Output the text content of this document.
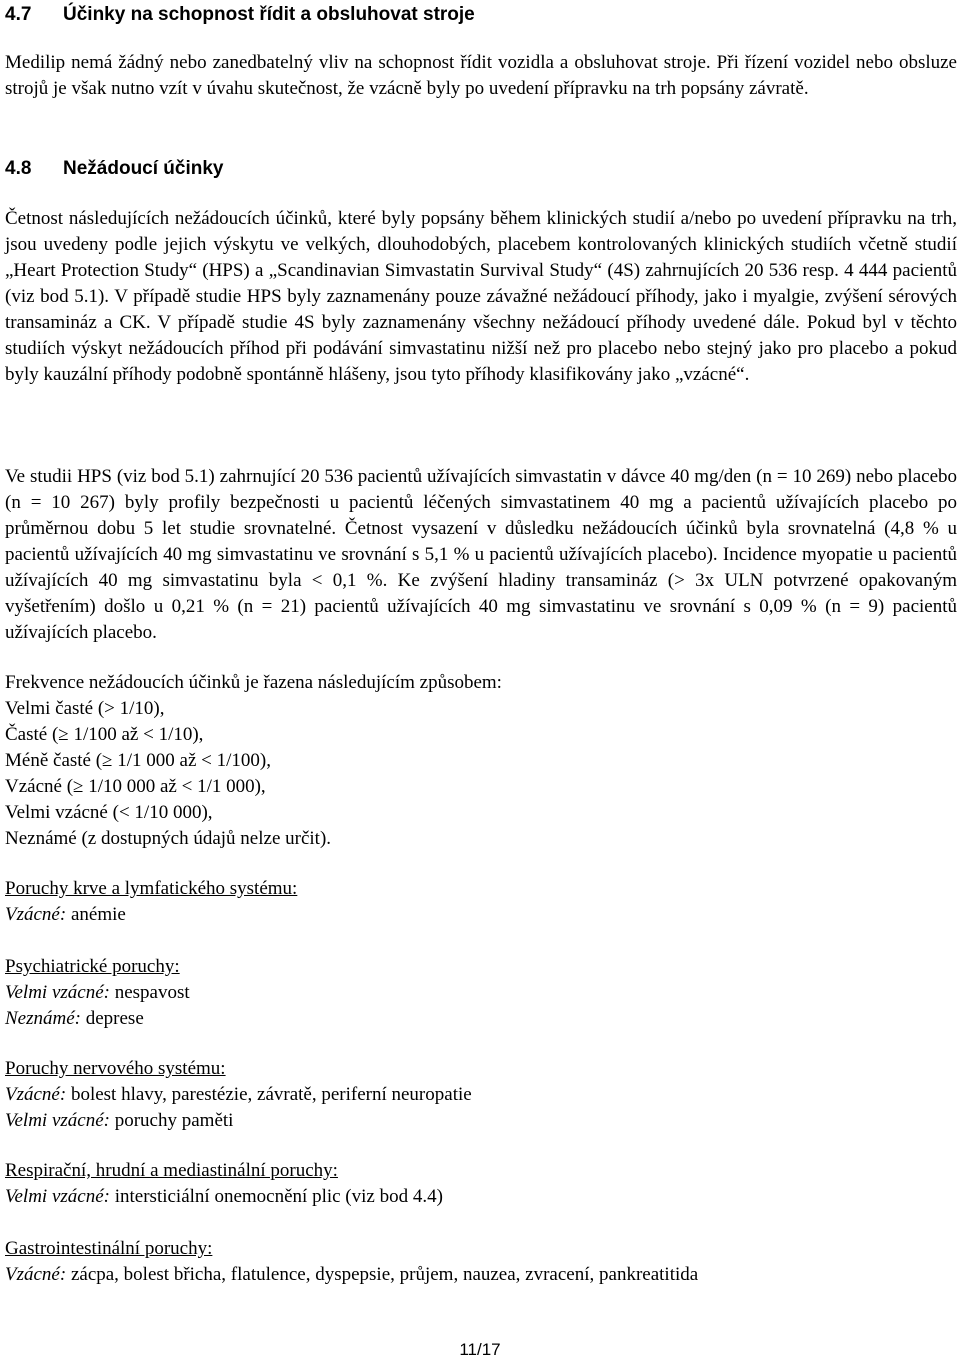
4.7 Účinky na schopnost řídit a obsluhovat stroje

Medilip nemá žádný nebo zanedbatelný vliv na schopnost řídit vozidla a obsluhovat stroje. Při řízení vozidel nebo obsluze strojů je však nutno vzít v úvahu skutečnost, že vzácně byly po uvedení přípravku na trh popsány závratě.

4.8 Nežádoucí účinky

Četnost následujících nežádoucích účinků, které byly popsány během klinických studií a/nebo po uvedení přípravku na trh, jsou uvedeny podle jejich výskytu ve velkých, dlouhodobých, placebem kontrolovaných klinických studiích včetně studií „Heart Protection Study“ (HPS) a „Scandinavian Simvastatin Survival Study“ (4S) zahrnujících 20 536 resp. 4 444 pacientů (viz bod 5.1). V případě studie HPS byly zaznamenány pouze závažné nežádoucí příhody, jako i myalgie, zvýšení sérových transamináz a CK. V případě studie 4S byly zaznamenány všechny nežádoucí příhody uvedené dále. Pokud byl v těchto studiích výskyt nežádoucích příhod při podávání simvastatinu nižší než pro placebo nebo stejný jako pro placebo a pokud byly kauzální příhody podobně spontánně hlášeny, jsou tyto příhody klasifikovány jako „vzácné“.

Ve studii HPS (viz bod 5.1) zahrnující 20 536 pacientů užívajících simvastatin v dávce 40 mg/den (n = 10 269) nebo placebo (n = 10 267) byly profily bezpečnosti u pacientů léčených simvastatinem 40 mg a pacientů užívajících placebo po průměrnou dobu 5 let studie srovnatelné. Četnost vysazení v důsledku nežádoucích účinků byla srovnatelná (4,8 % u pacientů užívajících 40 mg simvastatinu ve srovnání s 5,1 % u pacientů užívajících placebo). Incidence myopatie u pacientů užívajících 40 mg simvastatinu byla < 0,1 %. Ke zvýšení hladiny transamináz (> 3x ULN potvrzené opakovaným vyšetřením) došlo u 0,21 % (n = 21) pacientů užívajících 40 mg simvastatinu ve srovnání s 0,09 % (n = 9) pacientů užívajících placebo.

Frekvence nežádoucích účinků je řazena následujícím způsobem:
Velmi časté (> 1/10),
Časté (≥ 1/100 až < 1/10),
Méně časté (≥ 1/1 000 až < 1/100),
Vzácné (≥ 1/10 000 až < 1/1 000),
Velmi vzácné (< 1/10 000),
Neznámé (z dostupných údajů nelze určit).
Poruchy krve a lymfatického systému:
Vzácné: anémie
Psychiatrické poruchy:
Velmi vzácné: nespavost
Neznámé: deprese
Poruchy nervového systému:
Vzácné: bolest hlavy, parestézie, závratě, periferní neuropatie
Velmi vzácné: poruchy paměti
Respirační, hrudní a mediastinální poruchy:
Velmi vzácné: intersticiální onemocnění plic (viz bod 4.4)
Gastrointestinální poruchy:
Vzácné: zácpa, bolest břicha, flatulence, dyspepsie, průjem, nauzea, zvracení, pankreatitida
11/17
